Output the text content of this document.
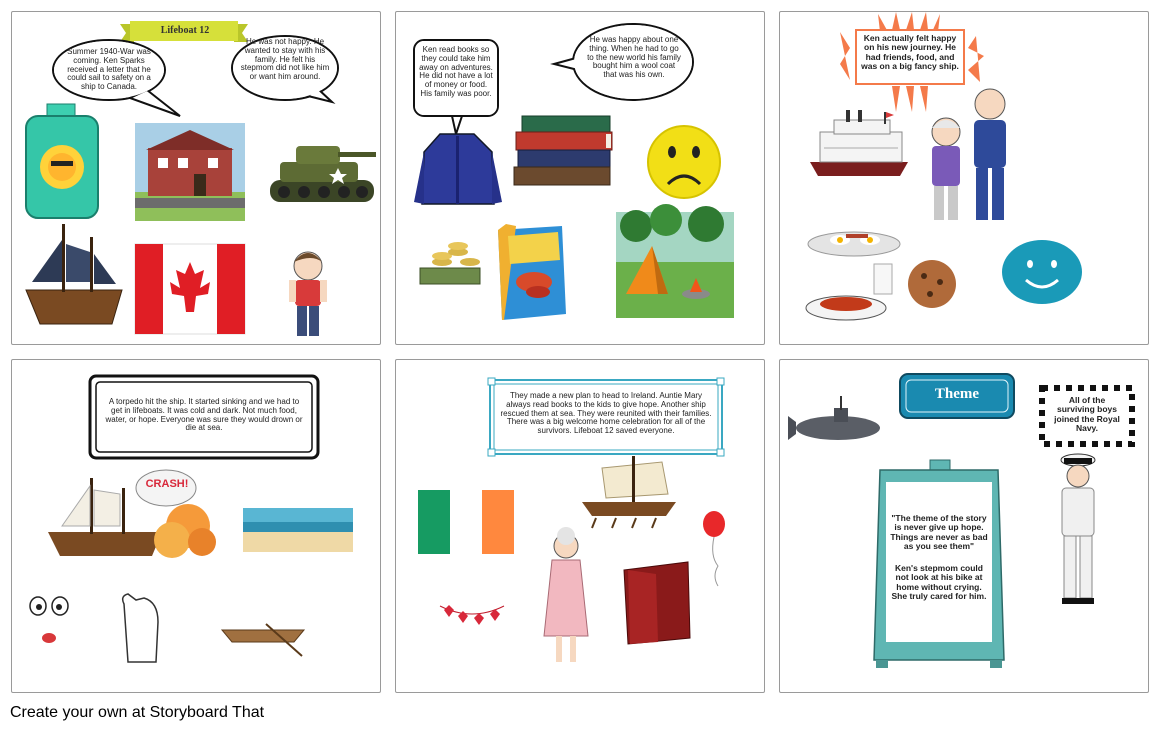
Lifeboat 12
Summer 1940-War was coming. Ken Sparks received a letter that he could sail to safety on a ship to Canada.
He was not happy. He wanted to stay with his family. He felt his stepmom did not like him or want him around.
Ken read books so they could take him away on adventures. He did not have a lot of money or food. His family was poor.
He was happy about one thing. When he had to go to the new world his family bought him a wool coat that was his own.
Ken actually felt happy on his new journey. He had friends, food, and was on a big fancy ship.
A torpedo hit the ship. It started sinking and we had to get in lifeboats. It was cold and dark. Not much food, water, or hope. Everyone was sure they would drown or die at sea.
CRASH!
They made a new plan to head to Ireland. Auntie Mary always read books to the kids to give hope. Another ship rescued them at sea. They were reunited with their families. There was a big welcome home celebration for all of the survivors. Lifeboat 12 saved everyone.
Theme	All of the surviving boys joined the Royal Navy.
"The theme of the story is never give up hope. Things are never as bad as you see them"
Ken's stepmom could not look at his bike at home without crying. She truly cared for him.
Create your own at Storyboard That
